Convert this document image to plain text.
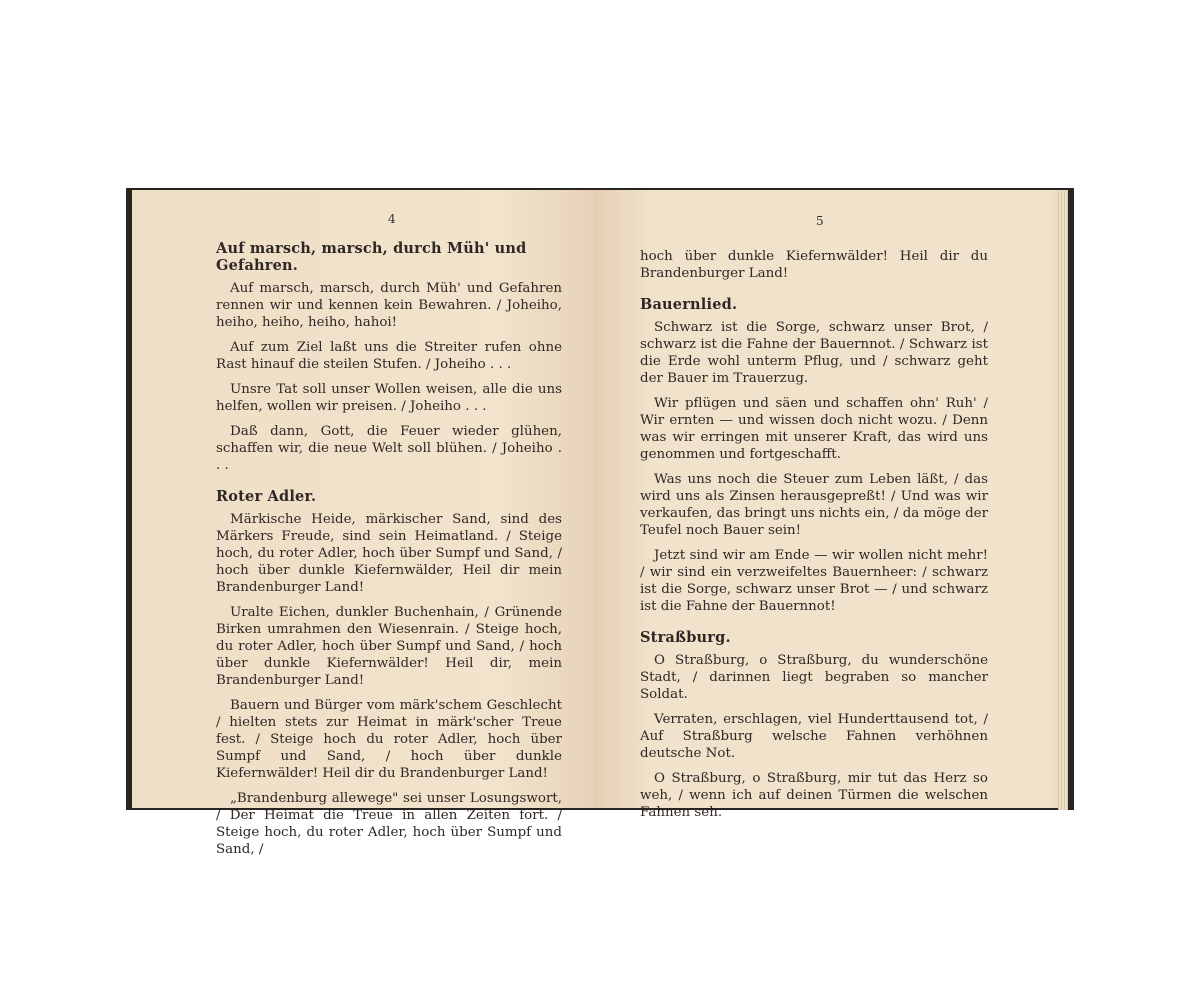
4
Auf marsch, marsch, durch Müh' und Gefahren.

Auf marsch, marsch, durch Müh' und Gefahren rennen wir und kennen kein Bewahren. / Joheiho, heiho, heiho, heiho, hahoi!

Auf zum Ziel laßt uns die Streiter rufen ohne Rast hinauf die steilen Stufen. / Joheiho . . .

Unsre Tat soll unser Wollen weisen, alle die uns helfen, wollen wir preisen. / Joheiho . . .

Daß dann, Gott, die Feuer wieder glühen, schaffen wir, die neue Welt soll blühen. / Joheiho . . .

Roter Adler.

Märkische Heide, märkischer Sand, sind des Märkers Freude, sind sein Heimatland. / Steige hoch, du roter Adler, hoch über Sumpf und Sand, / hoch über dunkle Kiefernwälder, Heil dir mein Brandenburger Land!

Uralte Eichen, dunkler Buchenhain, / Grünende Birken umrahmen den Wiesenrain. / Steige hoch, du roter Adler, hoch über Sumpf und Sand, / hoch über dunkle Kiefernwälder! Heil dir, mein Brandenburger Land!

Bauern und Bürger vom märk'schem Geschlecht / hielten stets zur Heimat in märk'scher Treue fest. / Steige hoch du roter Adler, hoch über Sumpf und Sand, / hoch über dunkle Kiefernwälder! Heil dir du Brandenburger Land!

„Brandenburg allewege" sei unser Losungswort, / Der Heimat die Treue in allen Zeiten fort. / Steige hoch, du roter Adler, hoch über Sumpf und Sand, /

5

hoch über dunkle Kiefernwälder! Heil dir du Brandenburger Land!

Bauernlied.

Schwarz ist die Sorge, schwarz unser Brot, / schwarz ist die Fahne der Bauernnot. / Schwarz ist die Erde wohl unterm Pflug, und / schwarz geht der Bauer im Trauerzug.

Wir pflügen und säen und schaffen ohn' Ruh' / Wir ernten — und wissen doch nicht wozu. / Denn was wir erringen mit unserer Kraft, das wird uns genommen und fortgeschafft.

Was uns noch die Steuer zum Leben läßt, / das wird uns als Zinsen herausgepreßt! / Und was wir verkaufen, das bringt uns nichts ein, / da möge der Teufel noch Bauer sein!

Jetzt sind wir am Ende — wir wollen nicht mehr! / wir sind ein verzweifeltes Bauernheer: / schwarz ist die Sorge, schwarz unser Brot — / und schwarz ist die Fahne der Bauernnot!

Straßburg.

O Straßburg, o Straßburg, du wunderschöne Stadt, / darinnen liegt begraben so mancher Soldat.

Verraten, erschlagen, viel Hunderttausend tot, / Auf Straßburg welsche Fahnen verhöhnen deutsche Not.

O Straßburg, o Straßburg, mir tut das Herz so weh, / wenn ich auf deinen Türmen die welschen Fahnen seh.
